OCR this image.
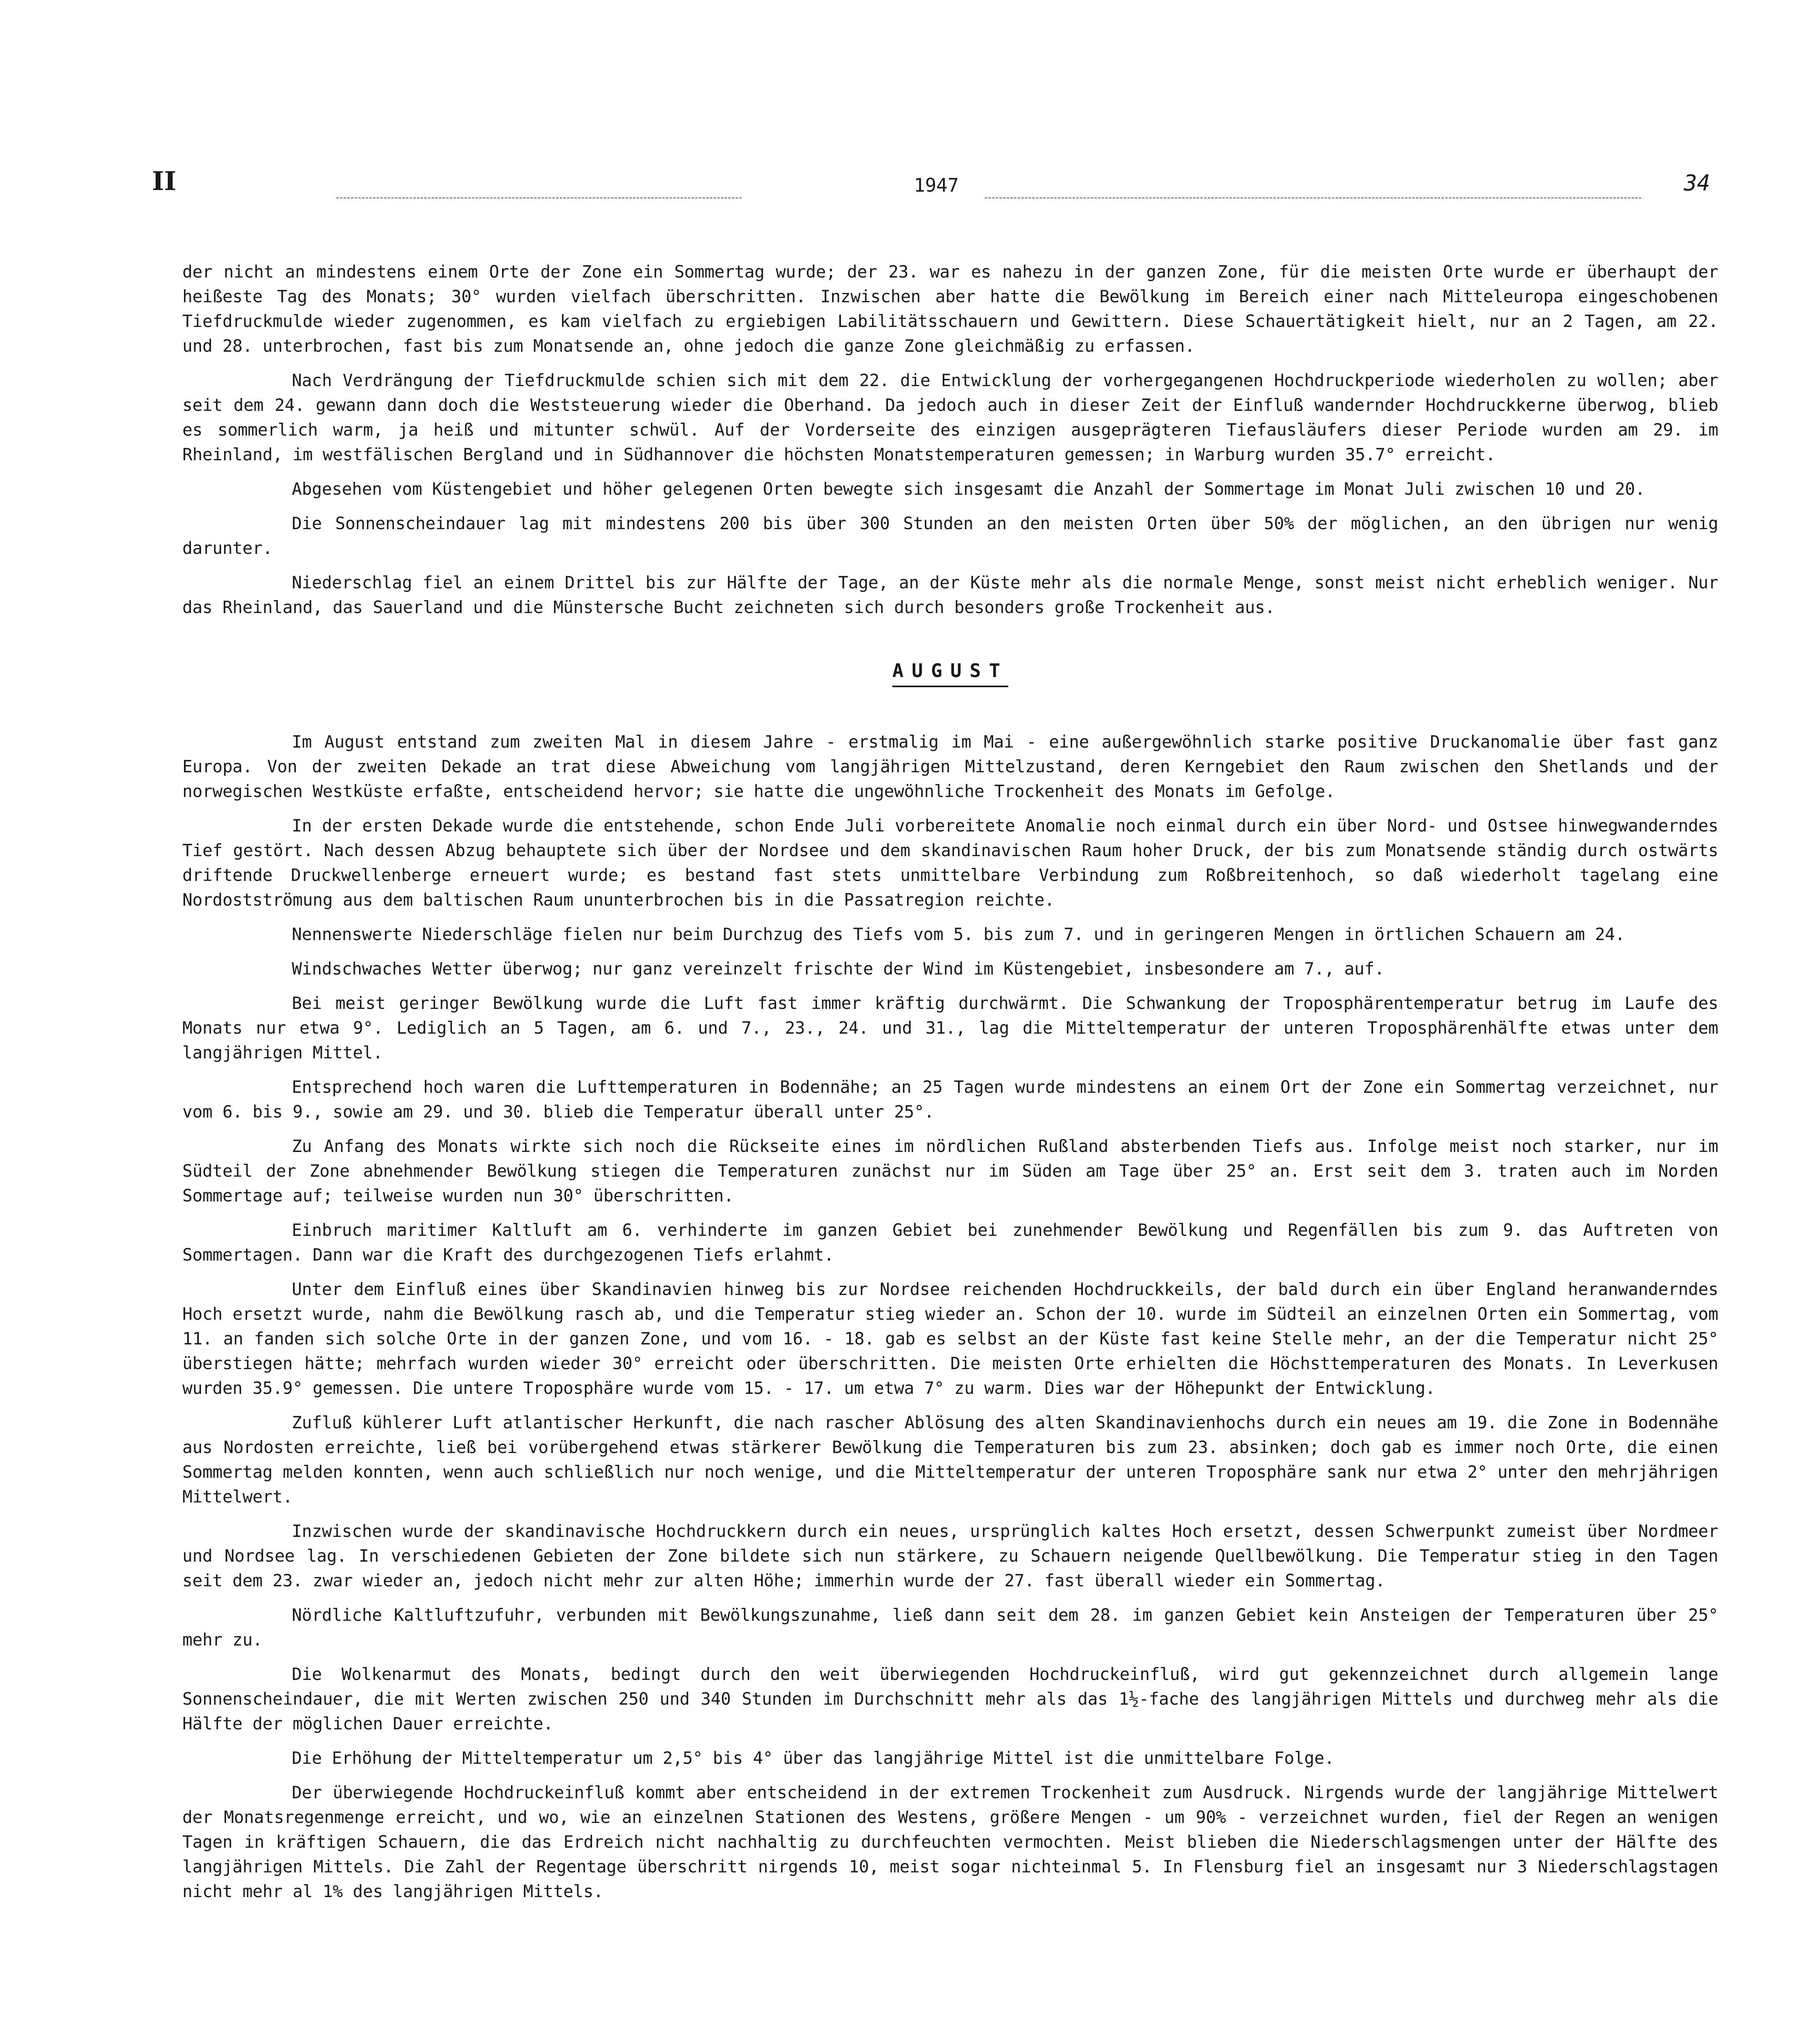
II	1947	34

der nicht an mindestens einem Orte der Zone ein Sommertag wurde; der 23. war es nahezu in der ganzen Zone, für die meisten Orte wurde er überhaupt der heißeste Tag des Monats; 30° wurden vielfach überschritten. Inzwischen aber hatte die Bewölkung im Bereich einer nach Mitteleuropa eingeschobenen Tiefdruckmulde wieder zugenommen, es kam vielfach zu ergiebigen Labilitätsschauern und Gewittern. Diese Schauertätigkeit hielt, nur an 2 Tagen, am 22. und 28. unterbrochen, fast bis zum Monatsende an, ohne jedoch die ganze Zone gleichmäßig zu erfassen.

Nach Verdrängung der Tiefdruckmulde schien sich mit dem 22. die Entwicklung der vorhergegangenen Hochdruckperiode wiederholen zu wollen; aber seit dem 24. gewann dann doch die Weststeuerung wieder die Oberhand. Da jedoch auch in dieser Zeit der Einfluß wandernder Hochdruckkerne überwog, blieb es sommerlich warm, ja heiß und mitunter schwül. Auf der Vorderseite des einzigen ausgeprägteren Tiefausläufers dieser Periode wurden am 29. im Rheinland, im westfälischen Bergland und in Südhannover die höchsten Monatstemperaturen gemessen; in Warburg wurden 35.7° erreicht.

Abgesehen vom Küstengebiet und höher gelegenen Orten bewegte sich insgesamt die Anzahl der Sommertage im Monat Juli zwischen 10 und 20.

Die Sonnenscheindauer lag mit mindestens 200 bis über 300 Stunden an den meisten Orten über 50% der möglichen, an den übrigen nur wenig darunter.

Niederschlag fiel an einem Drittel bis zur Hälfte der Tage, an der Küste mehr als die normale Menge, sonst meist nicht erheblich weniger. Nur das Rheinland, das Sauerland und die Münstersche Bucht zeichneten sich durch besonders große Trockenheit aus.

AUGUST

Im August entstand zum zweiten Mal in diesem Jahre - erstmalig im Mai - eine außergewöhnlich starke positive Druckanomalie über fast ganz Europa. Von der zweiten Dekade an trat diese Abweichung vom langjährigen Mittelzustand, deren Kerngebiet den Raum zwischen den Shetlands und der norwegischen Westküste erfaßte, entscheidend hervor; sie hatte die ungewöhnliche Trockenheit des Monats im Gefolge.

In der ersten Dekade wurde die entstehende, schon Ende Juli vorbereitete Anomalie noch einmal durch ein über Nord- und Ostsee hinwegwanderndes Tief gestört. Nach dessen Abzug behauptete sich über der Nordsee und dem skandinavischen Raum hoher Druck, der bis zum Monatsende ständig durch ostwärts driftende Druckwellenberge erneuert wurde; es bestand fast stets unmittelbare Verbindung zum Roßbreitenhoch, so daß wiederholt tagelang eine Nordostströmung aus dem baltischen Raum ununterbrochen bis in die Passatregion reichte.

Nennenswerte Niederschläge fielen nur beim Durchzug des Tiefs vom 5. bis zum 7. und in geringeren Mengen in örtlichen Schauern am 24.

Windschwaches Wetter überwog; nur ganz vereinzelt frischte der Wind im Küstengebiet, insbesondere am 7., auf.

Bei meist geringer Bewölkung wurde die Luft fast immer kräftig durchwärmt. Die Schwankung der Troposphärentemperatur betrug im Laufe des Monats nur etwa 9°. Lediglich an 5 Tagen, am 6. und 7., 23., 24. und 31., lag die Mitteltemperatur der unteren Troposphärenhälfte etwas unter dem langjährigen Mittel.

Entsprechend hoch waren die Lufttemperaturen in Bodennähe; an 25 Tagen wurde mindestens an einem Ort der Zone ein Sommertag verzeichnet, nur vom 6. bis 9., sowie am 29. und 30. blieb die Temperatur überall unter 25°.

Zu Anfang des Monats wirkte sich noch die Rückseite eines im nördlichen Rußland absterbenden Tiefs aus. Infolge meist noch starker, nur im Südteil der Zone abnehmender Bewölkung stiegen die Temperaturen zunächst nur im Süden am Tage über 25° an. Erst seit dem 3. traten auch im Norden Sommertage auf; teilweise wurden nun 30° überschritten.

Einbruch maritimer Kaltluft am 6. verhinderte im ganzen Gebiet bei zunehmender Bewölkung und Regenfällen bis zum 9. das Auftreten von Sommertagen. Dann war die Kraft des durchgezogenen Tiefs erlahmt.

Unter dem Einfluß eines über Skandinavien hinweg bis zur Nordsee reichenden Hochdruckkeils, der bald durch ein über England heranwanderndes Hoch ersetzt wurde, nahm die Bewölkung rasch ab, und die Temperatur stieg wieder an. Schon der 10. wurde im Südteil an einzelnen Orten ein Sommertag, vom 11. an fanden sich solche Orte in der ganzen Zone, und vom 16. - 18. gab es selbst an der Küste fast keine Stelle mehr, an der die Temperatur nicht 25° überstiegen hätte; mehrfach wurden wieder 30° erreicht oder überschritten. Die meisten Orte erhielten die Höchsttemperaturen des Monats. In Leverkusen wurden 35.9° gemessen. Die untere Troposphäre wurde vom 15. - 17. um etwa 7° zu warm. Dies war der Höhepunkt der Entwicklung.

Zufluß kühlerer Luft atlantischer Herkunft, die nach rascher Ablösung des alten Skandinavienhochs durch ein neues am 19. die Zone in Bodennähe aus Nordosten erreichte, ließ bei vorübergehend etwas stärkerer Bewölkung die Temperaturen bis zum 23. absinken; doch gab es immer noch Orte, die einen Sommertag melden konnten, wenn auch schließlich nur noch wenige, und die Mitteltemperatur der unteren Troposphäre sank nur etwa 2° unter den mehrjährigen Mittelwert.

Inzwischen wurde der skandinavische Hochdruckkern durch ein neues, ursprünglich kaltes Hoch ersetzt, dessen Schwerpunkt zumeist über Nordmeer und Nordsee lag. In verschiedenen Gebieten der Zone bildete sich nun stärkere, zu Schauern neigende Quellbewölkung. Die Temperatur stieg in den Tagen seit dem 23. zwar wieder an, jedoch nicht mehr zur alten Höhe; immerhin wurde der 27. fast überall wieder ein Sommertag.

Nördliche Kaltluftzufuhr, verbunden mit Bewölkungszunahme, ließ dann seit dem 28. im ganzen Gebiet kein Ansteigen der Temperaturen über 25° mehr zu.

Die Wolkenarmut des Monats, bedingt durch den weit überwiegenden Hochdruckeinfluß, wird gut gekennzeichnet durch allgemein lange Sonnenscheindauer, die mit Werten zwischen 250 und 340 Stunden im Durchschnitt mehr als das 1½-fache des langjährigen Mittels und durchweg mehr als die Hälfte der möglichen Dauer erreichte.

Die Erhöhung der Mitteltemperatur um 2,5° bis 4° über das langjährige Mittel ist die unmittelbare Folge.

Der überwiegende Hochdruckeinfluß kommt aber entscheidend in der extremen Trockenheit zum Ausdruck. Nirgends wurde der langjährige Mittelwert der Monatsregenmenge erreicht, und wo, wie an einzelnen Stationen des Westens, größere Mengen - um 90% - verzeichnet wurden, fiel der Regen an wenigen Tagen in kräftigen Schauern, die das Erdreich nicht nachhaltig zu durchfeuchten vermochten. Meist blieben die Niederschlagsmengen unter der Hälfte des langjährigen Mittels. Die Zahl der Regentage überschritt nirgends 10, meist sogar nichteinmal 5. In Flensburg fiel an insgesamt nur 3 Niederschlagstagen nicht mehr al 1% des langjährigen Mittels.
